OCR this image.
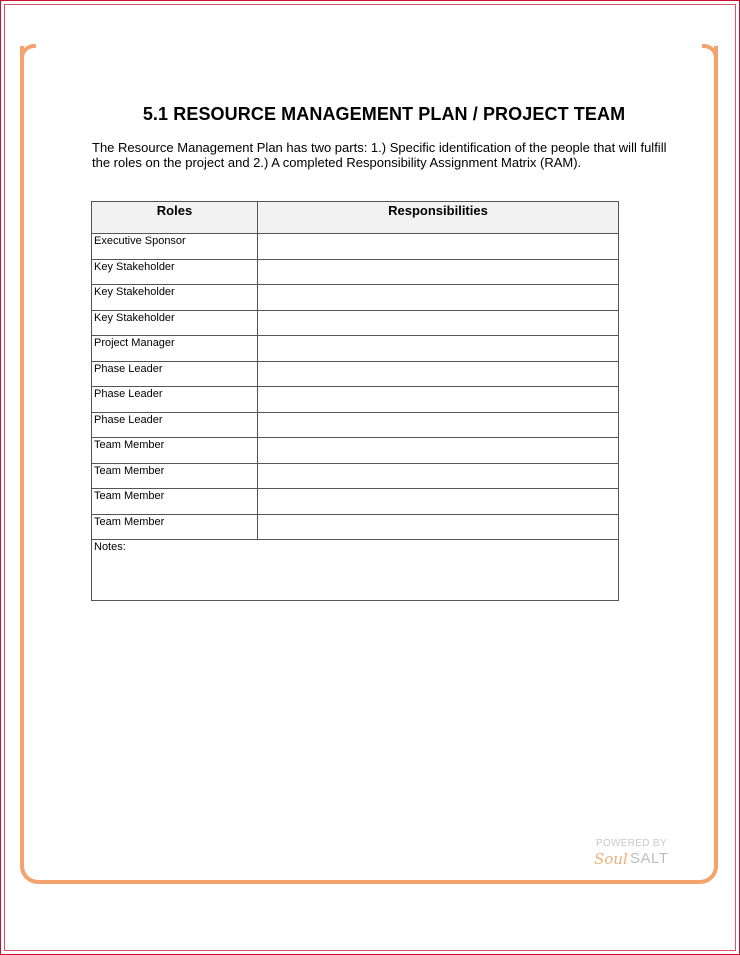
5.1 RESOURCE MANAGEMENT PLAN / PROJECT TEAM

The Resource Management Plan has two parts: 1.) Specific identification of the people that will fulfill the roles on the project and 2.) A completed Responsibility Assignment Matrix (RAM).

Roles	Responsibilities
Executive Sponsor	
Key Stakeholder	
Key Stakeholder	
Key Stakeholder	
Project Manager	
Phase Leader	
Phase Leader	
Phase Leader	
Team Member	
Team Member	
Team Member	
Team Member	
Notes:	
POWERED BY
Soul SALT
